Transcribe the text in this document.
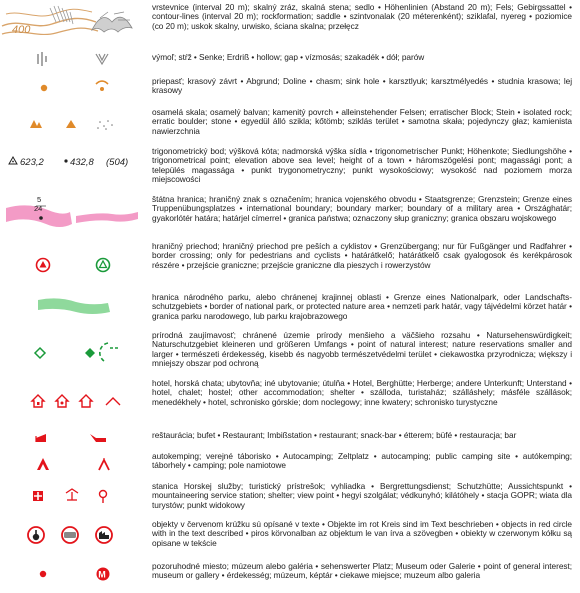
400
vrstevnice (interval 20 m); skalný zráz, skalná stena; sedlo • Höhenlinien (Abstand 20 m); Fels; Gebirgssattel • contour-lines (interval 20 m); rockformation; saddle • szintvonalak (20 méterenként); sziklafal, nyereg • poziomice (co 20 m); uskok skalny, urwisko, ściana skalna; przełęcz
výmoľ; stŕž • Senke; Erdriß • hollow; gap • vízmosás; szakadék • dół; parów
priepasť; krasový závrt • Abgrund; Doline • chasm; sink hole • karsztlyuk; karsztmélyedés • studnia krasowa; lej krasowy
osamelá skala; osamelý balvan; kamenitý povrch • alleinstehender Felsen; erratischer Block; Stein • isolated rock; erratic boulder; stone • egyedül álló szikla; kőtömb; sziklás terület • samotna skała; pojedynczy głaz; kamienista nawierzchnia
623,2	432,8 (504)
trigonometrický bod; výšková kóta; nadmorská výška sídla • trigonometrischer Punkt; Höhenkote; Siedlungshöhe • trigonometrical point; elevation above sea level; height of a town • háromszögelési pont; magassági pont; a település magassága • punkt trygonometryczny; punkt wysokościowy; wysokość nad poziomem morza miejscowości
5
24
štátna hranica; hraničný znak s označením; hranica vojenského obvodu • Staatsgrenze; Grenzstein; Grenze eines Truppenübungsplatzes • international boundary; boundary marker; boundary of a military area • Országhatár; gyakorlótér határa; határjel címerrel • granica państwa; oznaczony słup graniczny; granica obszaru wojskowego
hraničný priechod; hraničný priechod pre peších a cyklistov • Grenzübergang; nur für Fußgänger und Radfahrer • border crossing; only for pedestrians and cyclists • határátkelő; határátkelő csak gyalogosok és kerékpárosok részére • przejście graniczne; przejście graniczne dla pieszych i rowerzystów
hranica národného parku, alebo chránenej krajinnej oblasti • Grenze eines Nationalpark, oder Landschafts-schutzgebiets • border of national park, or protected nature area • nemzeti park határ, vagy tájvédelmi körzet határ • granica parku narodowego, lub parku krajobrazowego
prírodná zaujímavosť; chránené územie prírody menšieho a väčšieho rozsahu • Natursehenswürdigkeit; Naturschutzgebiet kleineren und größeren Umfangs • point of natural interest; nature reservations smaller and larger • természeti érdekesség, kisebb és nagyobb természetvédelmi terület • ciekawostka przyrodnicza; większy i mniejszy obszar pod ochroną
hotel, horská chata; ubytovňa; iné ubytovanie; útulňa • Hotel, Berghütte; Herberge; andere Unterkunft; Unterstand • hotel, chalet; hostel; other accommodation; shelter • szálloda, turistaház; szálláshely; másféle szállások; menedékhely • hotel, schronisko górskie; dom noclegowy; inne kwatery; schronisko turystyczne
reštaurácia; bufet • Restaurant; Imbißstation • restaurant; snack-bar • étterem; büfé • restauracja; bar
autokemping; verejné táborisko • Autocamping; Zeltplatz • autocamping; public camping site • autókemping; táborhely • camping; pole namiotowe
stanica Horskej služby; turistický prístrešok; vyhliadka • Bergrettungsdienst; Schutzhütte; Aussichtspunkt • mountaineering service station; shelter; view point • hegyi szolgálat; védkunyhó; kilátóhely • stacja GOPR; wiata dla turystów; punkt widokowy
objekty v červenom krúžku sú opísané v texte • Objekte im rot Kreis sind im Text beschrieben • objects in red circle with in the text described • piros körvonalban az objektum le van írva a szövegben • obiekty w czerwonym kółku są opisane w tekście
M
pozoruhodné miesto; múzeum alebo galéria • sehenswerter Platz; Museum oder Galerie • point of general interest; museum or gallery • érdekesség; múzeum, képtár • ciekawe miejsce; muzeum albo galeria
